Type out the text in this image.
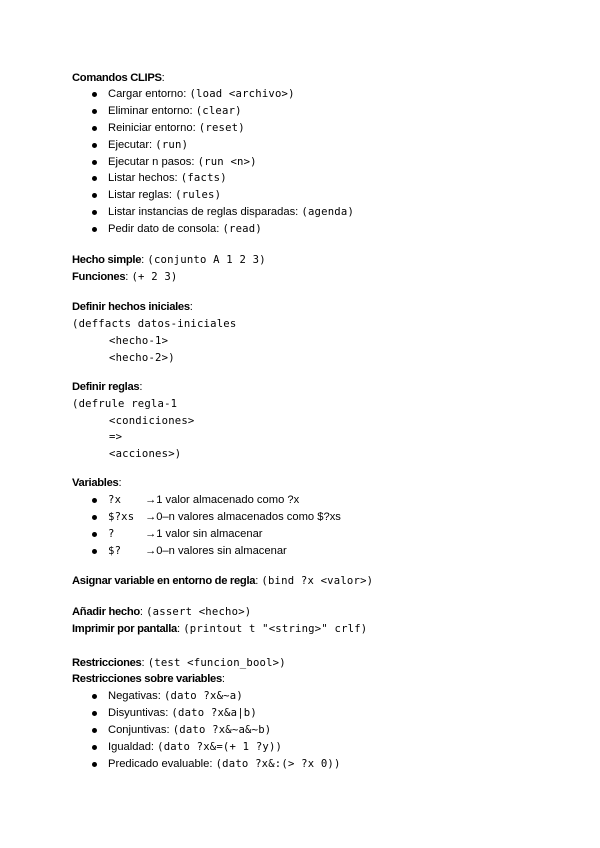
Comandos CLIPS:
Cargar entorno: (load <archivo>)
Eliminar entorno: (clear)
Reiniciar entorno: (reset)
Ejecutar: (run)
Ejecutar n pasos: (run <n>)
Listar hechos: (facts)
Listar reglas: (rules)
Listar instancias de reglas disparadas: (agenda)
Pedir dato de consola: (read)
Hecho simple: (conjunto A 1 2 3)
Funciones: (+ 2 3)
Definir hechos iniciales:
(deffacts datos-iniciales
<hecho-1>
<hecho-2>)
Definir reglas:
(defrule regla-1
<condiciones>
=>
<acciones>)
Variables:
?x →1 valor almacenado como ?x
$?xs →0–n valores almacenados como $?xs
?	→1 valor sin almacenar
$? →0–n valores sin almacenar
Asignar variable en entorno de regla: (bind ?x <valor>)
Añadir hecho: (assert <hecho>)
Imprimir por pantalla: (printout t "<string>" crlf)
Restricciones: (test <funcion_bool>)
Restricciones sobre variables:
Negativas: (dato ?x&~a)
Disyuntivas: (dato ?x&a|b)
Conjuntivas: (dato ?x&~a&~b)
Igualdad: (dato ?x&=(+ 1 ?y))
Predicado evaluable: (dato ?x&:(> ?x 0))
